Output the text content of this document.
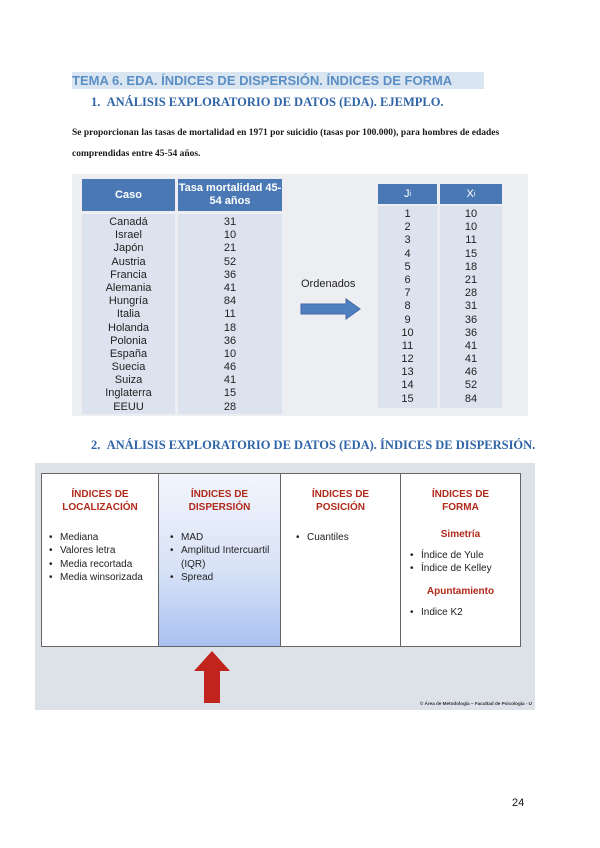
TEMA 6. EDA. ÍNDICES DE DISPERSIÓN. ÍNDICES DE FORMA
1. ANÁLISIS EXPLORATORIO DE DATOS (EDA). EJEMPLO.
Se proporcionan las tasas de mortalidad en 1971 por suicidio (tasas por 100.000), para hombres de edades comprendidas entre 45-54 años.
Caso
Tasa mortalidad 45-54 años
Canadá
Israel
Japón
Austria
Francia
Alemania
Hungría
Italia
Holanda
Polonia
España
Suecia
Suiza
Inglaterra
EEUU
31
10
21
52
36
41
84
11
18
36
10
46
41
15
28
Ordenados
J i	X i
1
2
3
4
5
6
7
8
9
10
11
12
13
14
15
10
10
11
15
18
21
28
31
36
36
41
41
46
52
84
2. ANÁLISIS EXPLORATORIO DE DATOS (EDA). ÍNDICES DE DISPERSIÓN.
ÍNDICES DE
LOCALIZACIÓN
• Mediana
• Valores letra
• Media recortada
• Media winsorizada
ÍNDICES DE
DISPERSIÓN
• MAD
• Amplitud Intercuartil (IQR)
• Spread
ÍNDICES DE
POSICIÓN
• Cuantiles
ÍNDICES DE
FORMA
Simetría
• Índice de Yule
• Índice de Kelley
Apuntamiento
• Indice K2
© Área de Metodología – Facultad de Psicología - U
24
